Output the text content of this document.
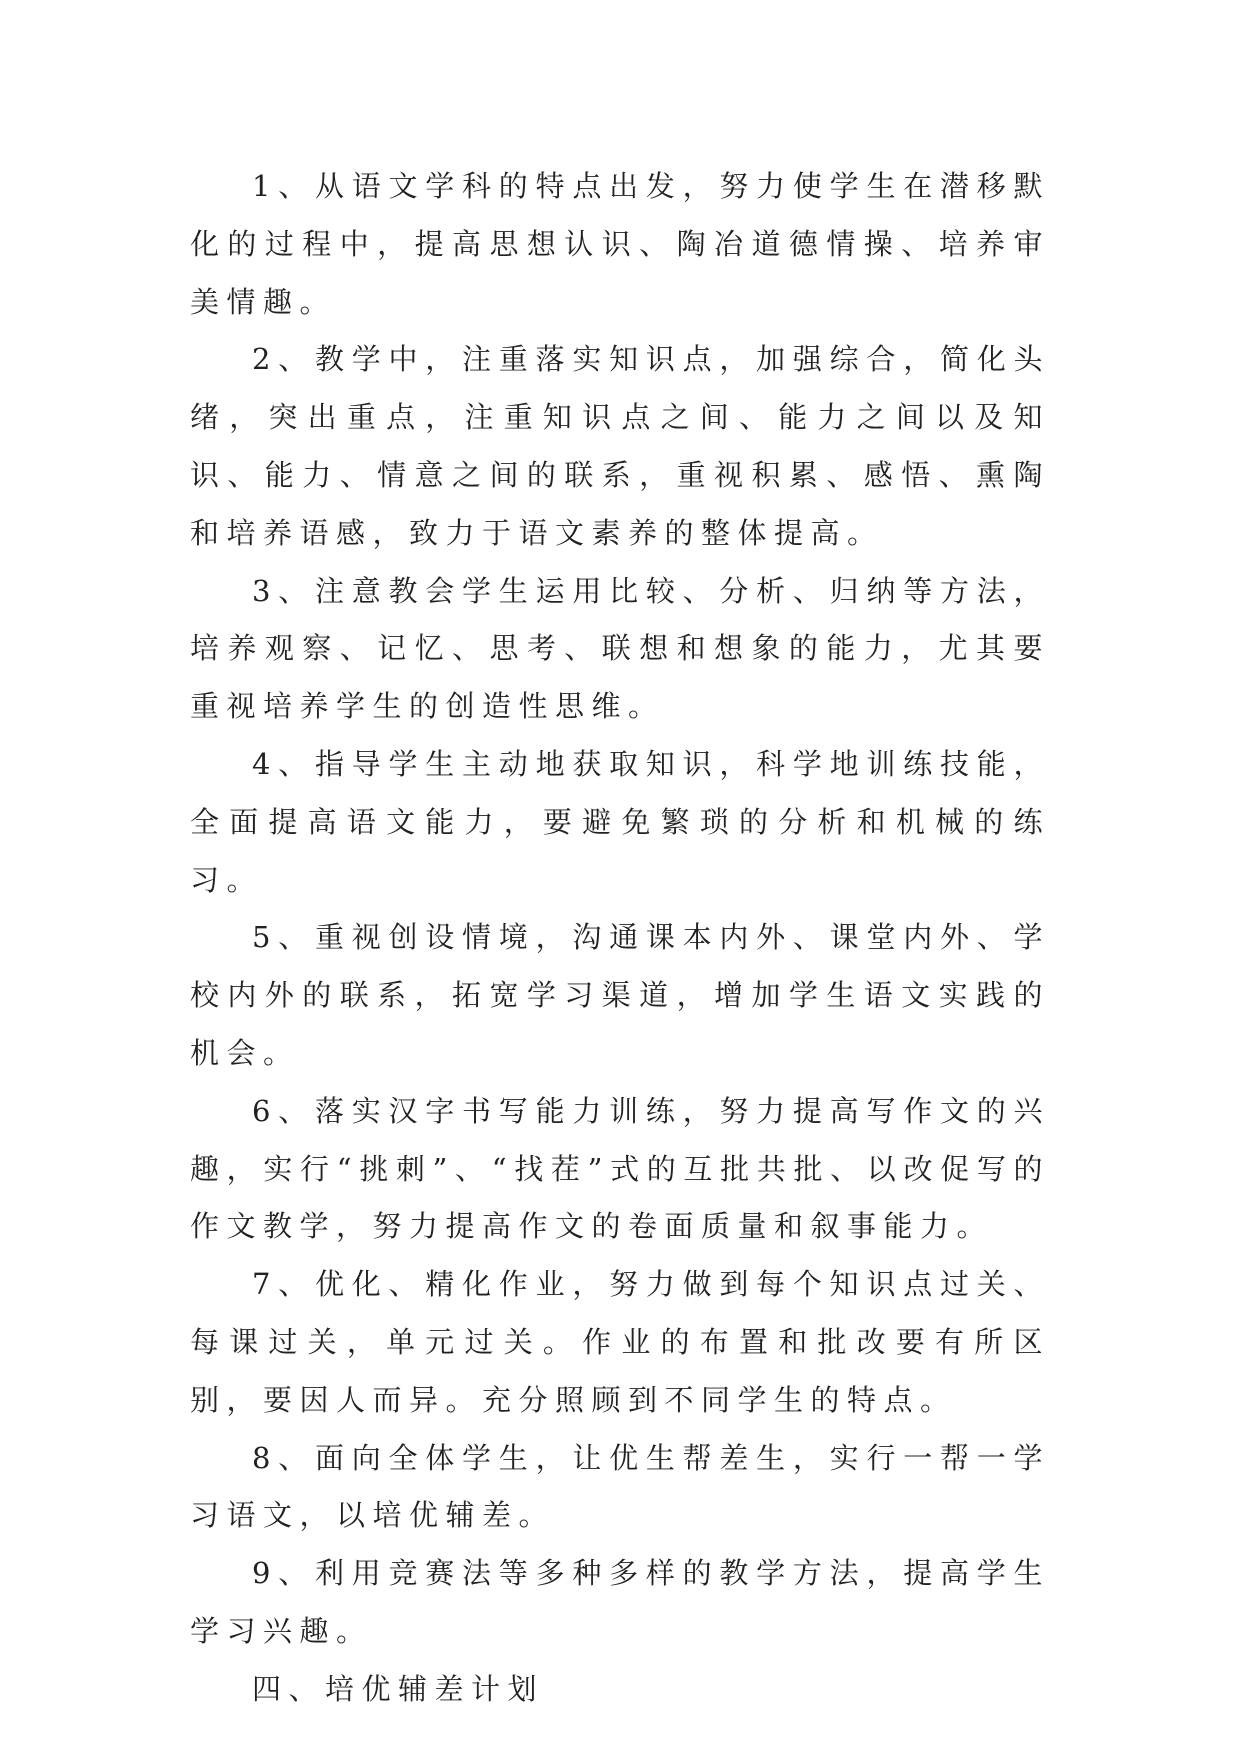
1、从语文学科的特点出发，努力使学生在潜移默化的过程中，提高思想认识、陶冶道德情操、培养审美情趣。

2、教学中，注重落实知识点，加强综合，简化头绪，突出重点，注重知识点之间、能力之间以及知识、能力、情意之间的联系，重视积累、感悟、熏陶和培养语感，致力于语文素养的整体提高。

3、注意教会学生运用比较、分析、归纳等方法，培养观察、记忆、思考、联想和想象的能力，尤其要重视培养学生的创造性思维。

4、指导学生主动地获取知识，科学地训练技能，全面提高语文能力，要避免繁琐的分析和机械的练习。

5、重视创设情境，沟通课本内外、课堂内外、学校内外的联系，拓宽学习渠道，增加学生语文实践的机会。

6、落实汉字书写能力训练，努力提高写作文的兴趣，实行“挑刺”、“找茬”式的互批共批、以改促写的作文教学，努力提高作文的卷面质量和叙事能力。

7、优化、精化作业，努力做到每个知识点过关、每课过关，单元过关。作业的布置和批改要有所区别，要因人而异。充分照顾到不同学生的特点。

8、面向全体学生，让优生帮差生，实行一帮一学习语文，以培优辅差。

9、利用竞赛法等多种多样的教学方法，提高学生学习兴趣。

四、培优辅差计划
